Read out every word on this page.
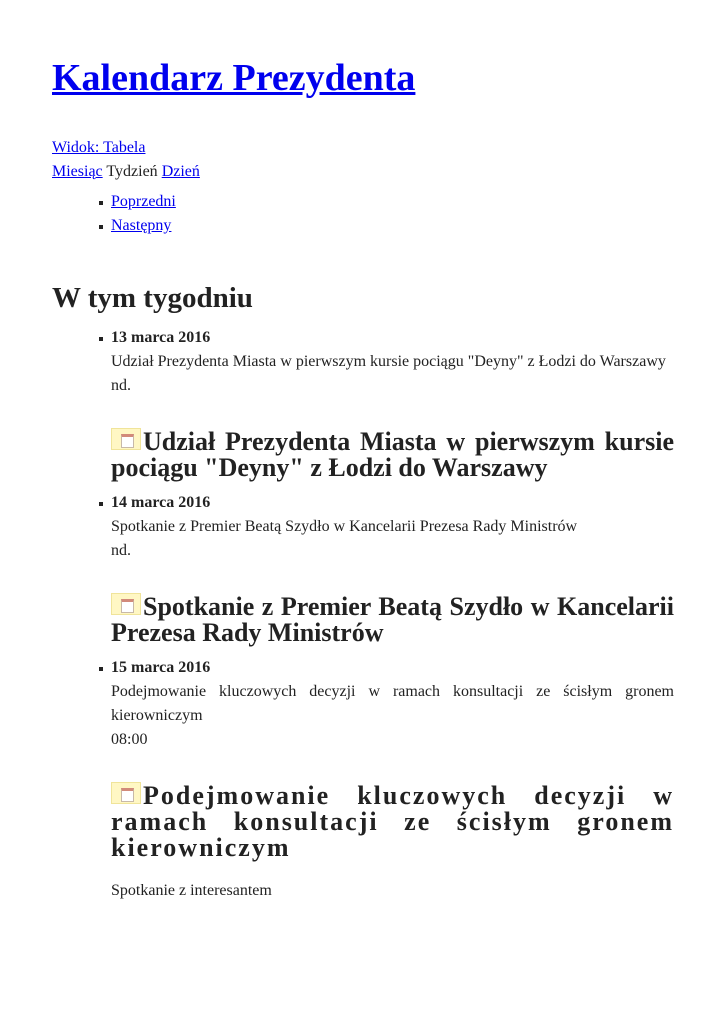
Kalendarz Prezydenta
Widok: Tabela
Miesiąc Tydzień Dzień
Poprzedni
Następny
W tym tygodniu
13 marca 2016
Udział Prezydenta Miasta w pierwszym kursie pociągu "Deyny" z Łodzi do Warszawy
nd.
Udział Prezydenta Miasta w pierwszym kursie pociągu "Deyny" z Łodzi do Warszawy
14 marca 2016
Spotkanie z Premier Beatą Szydło w Kancelarii Prezesa Rady Ministrów
nd.
Spotkanie z Premier Beatą Szydło w Kancelarii Prezesa Rady Ministrów
15 marca 2016
Podejmowanie kluczowych decyzji w ramach konsultacji ze ścisłym gronem kierowniczym
08:00
Podejmowanie kluczowych decyzji w ramach konsultacji ze ścisłym gronem kierowniczym
Spotkanie z interesantem
